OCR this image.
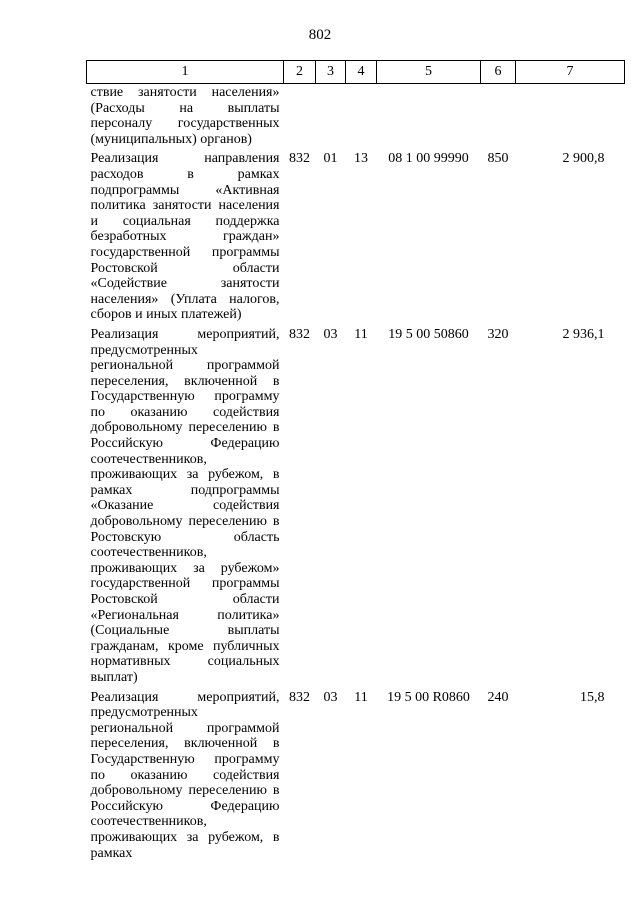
802
1	2	3	4	5	6	7
ствие занятости населения» (Расходы на выплаты персоналу государственных (муниципальных) органов)						
Реализация направления расходов в рамках подпрограммы «Активная политика занятости населения и социальная поддержка безработных граждан» государственной программы Ростовской области «Содействие занятости населения» (Уплата налогов, сборов и иных платежей)	832	01	13	08 1 00 99990	850	2 900,8
Реализация мероприятий, предусмотренных региональной программой переселения, включенной в Государственную программу по оказанию содействия добровольному переселению в Российскую Федерацию соотечественников, проживающих за рубежом, в рамках подпрограммы «Оказание содействия добровольному переселению в Ростовскую область соотечественников, проживающих за рубежом» государственной программы Ростовской области «Региональная политика» (Социальные выплаты гражданам, кроме публичных нормативных социальных выплат)	832	03	11	19 5 00 50860	320	2 936,1
Реализация мероприятий, предусмотренных региональной программой переселения, включенной в Государственную программу по оказанию содействия добровольному переселению в Российскую Федерацию соотечественников, проживающих за рубежом, в рамках	832	03	11	19 5 00 R0860	240	15,8
